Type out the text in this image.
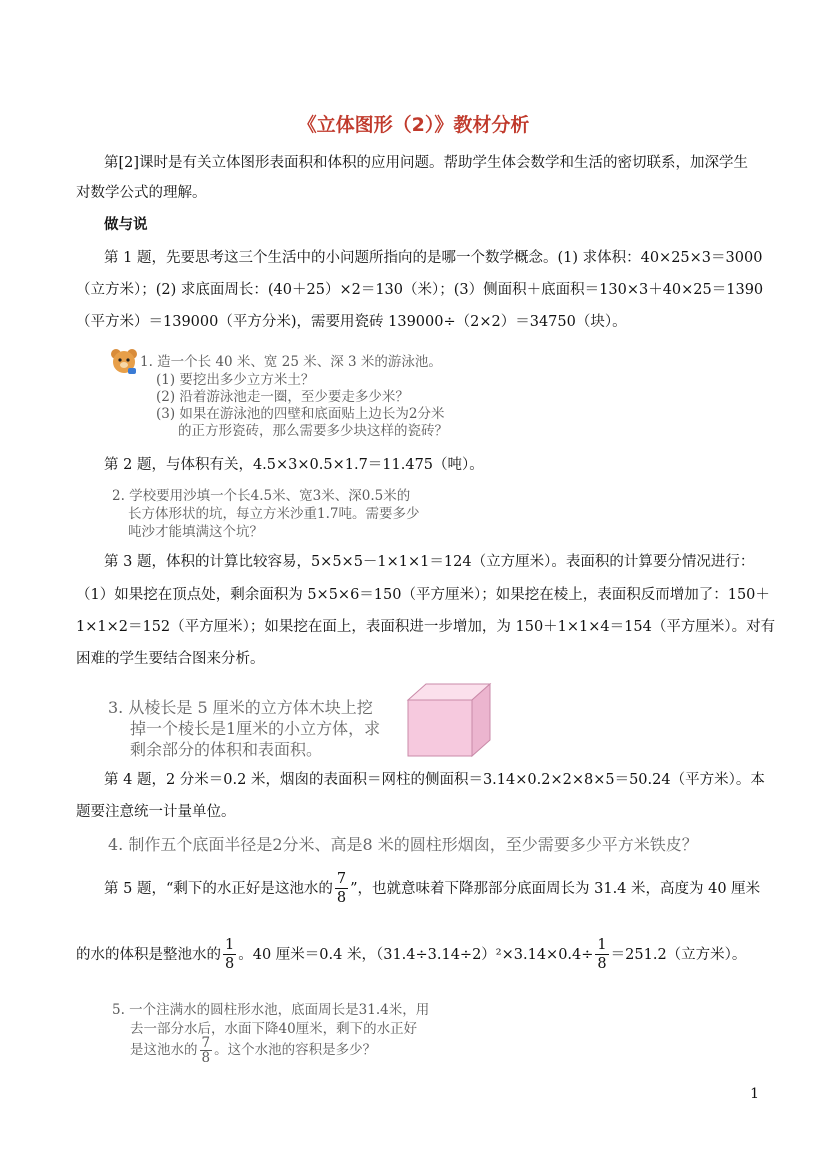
《立体图形（2）》教材分析
第[2]课时是有关立体图形表面积和体积的应用问题。帮助学生体会数学和生活的密切联系，加深学生
对数学公式的理解。
做与说
第 1 题，先要思考这三个生活中的小问题所指向的是哪一个数学概念。(1) 求体积：40×25×3＝3000
（立方米）；(2) 求底面周长：(40＋25）×2＝130（米）；(3）侧面积＋底面积＝130×3＋40×25＝1390
（平方米）＝139000（平方分米)，需要用瓷砖 139000÷（2×2）＝34750（块）。
1. 造一个长 40 米、宽 25 米、深 3 米的游泳池。
(1) 要挖出多少立方米土？
(2) 沿着游泳池走一圈，至少要走多少米？
(3) 如果在游泳池的四壁和底面贴上边长为2分米
的正方形瓷砖，那么需要多少块这样的瓷砖？
第 2 题，与体积有关，4.5×3×0.5×1.7＝11.475（吨）。
2. 学校要用沙填一个长4.5米、宽3米、深0.5米的
长方体形状的坑，每立方米沙重1.7吨。需要多少
吨沙才能填满这个坑？
第 3 题，体积的计算比较容易，5×5×5－1×1×1＝124（立方厘米）。表面积的计算要分情况进行：
（1）如果挖在顶点处，剩余面积为 5×5×6＝150（平方厘米）；如果挖在棱上，表面积反而增加了：150＋
1×1×2＝152（平方厘米）；如果挖在面上，表面积进一步增加，为 150＋1×1×4＝154（平方厘米）。对有
困难的学生要结合图来分析。
3. 从棱长是 5 厘米的立方体木块上挖
掉一个棱长是1厘米的小立方体，求
剩余部分的体积和表面积。
第 4 题，2 分米＝0.2 米，烟囱的表面积＝网柱的侧面积＝3.14×0.2×2×8×5＝50.24（平方米）。本
题要注意统一计量单位。
4. 制作五个底面半径是2分米、高是8 米的圆柱形烟囱，至少需要多少平方米铁皮？
第 5 题，“剩下的水正好是这池水的 $\frac{7}{8}$ ”，也就意味着下降那部分底面周长为 31.4 米，高度为 40 厘米
的水的体积是整池水的 $\frac{1}{8}$ 。40 厘米＝0.4 米，$(31.4\div 3.14\div 2)^2\times 3.14\times 0.4\div \frac{1}{8} =251.2$（立方米）。
5. 一个注满水的圆柱形水池，底面周长是31.4米，用
去一部分水后，水面下降40厘米，剩下的水正好
是这池水的 $\frac{7}{8}$ 。这个水池的容积是多少？
1
